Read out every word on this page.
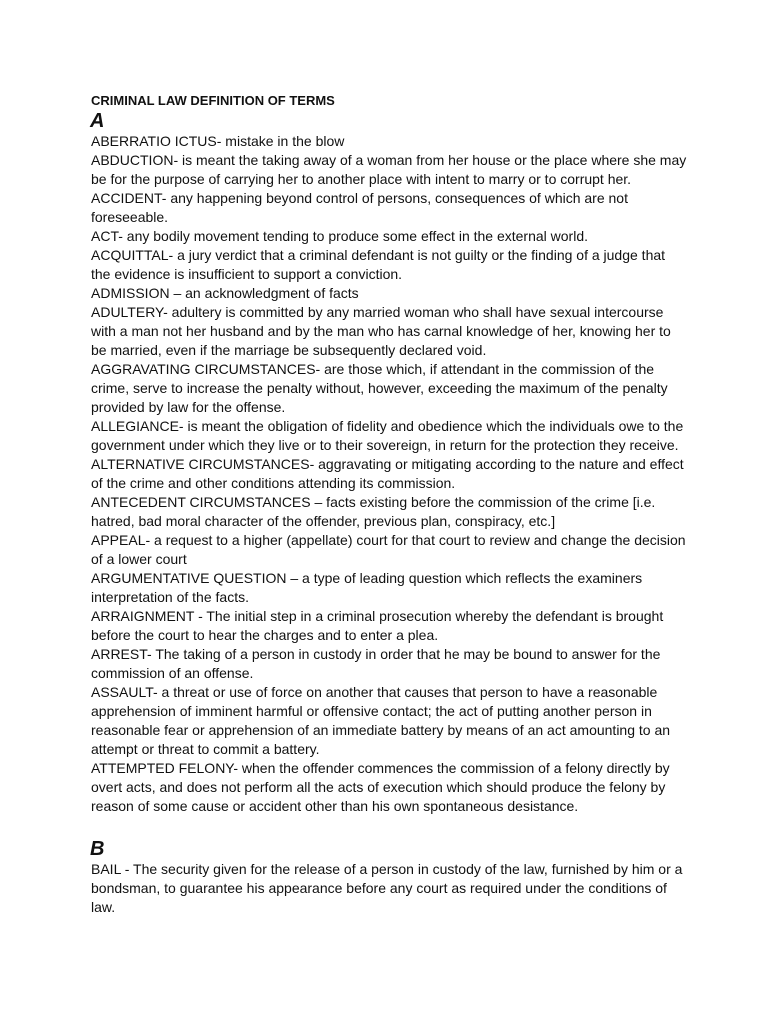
CRIMINAL LAW DEFINITION OF TERMS
A

ABERRATIO ICTUS- mistake in the blow

ABDUCTION- is meant the taking away of a woman from her house or the place where she may be for the purpose of carrying her to another place with intent to marry or to corrupt her.

ACCIDENT- any happening beyond control of persons, consequences of which are not foreseeable.

ACT- any bodily movement tending to produce some effect in the external world.

ACQUITTAL- a jury verdict that a criminal defendant is not guilty or the finding of a judge that the evidence is insufficient to support a conviction.

ADMISSION – an acknowledgment of facts

ADULTERY- adultery is committed by any married woman who shall have sexual intercourse with a man not her husband and by the man who has carnal knowledge of her, knowing her to be married, even if the marriage be subsequently declared void.

AGGRAVATING CIRCUMSTANCES- are those which, if attendant in the commission of the crime, serve to increase the penalty without, however, exceeding the maximum of the penalty provided by law for the offense.

ALLEGIANCE- is meant the obligation of fidelity and obedience which the individuals owe to the government under which they live or to their sovereign, in return for the protection they receive.

ALTERNATIVE CIRCUMSTANCES- aggravating or mitigating according to the nature and effect of the crime and other conditions attending its commission.

ANTECEDENT CIRCUMSTANCES – facts existing before the commission of the crime [i.e. hatred, bad moral character of the offender, previous plan, conspiracy, etc.]

APPEAL- a request to a higher (appellate) court for that court to review and change the decision of a lower court

ARGUMENTATIVE QUESTION – a type of leading question which reflects the examiners interpretation of the facts.

ARRAIGNMENT - The initial step in a criminal prosecution whereby the defendant is brought before the court to hear the charges and to enter a plea.

ARREST- The taking of a person in custody in order that he may be bound to answer for the commission of an offense.

ASSAULT- a threat or use of force on another that causes that person to have a reasonable apprehension of imminent harmful or offensive contact; the act of putting another person in reasonable fear or apprehension of an immediate battery by means of an act amounting to an attempt or threat to commit a battery.

ATTEMPTED FELONY- when the offender commences the commission of a felony directly by overt acts, and does not perform all the acts of execution which should produce the felony by reason of some cause or accident other than his own spontaneous desistance.

B

BAIL - The security given for the release of a person in custody of the law, furnished by him or a bondsman, to guarantee his appearance before any court as required under the conditions of law.
